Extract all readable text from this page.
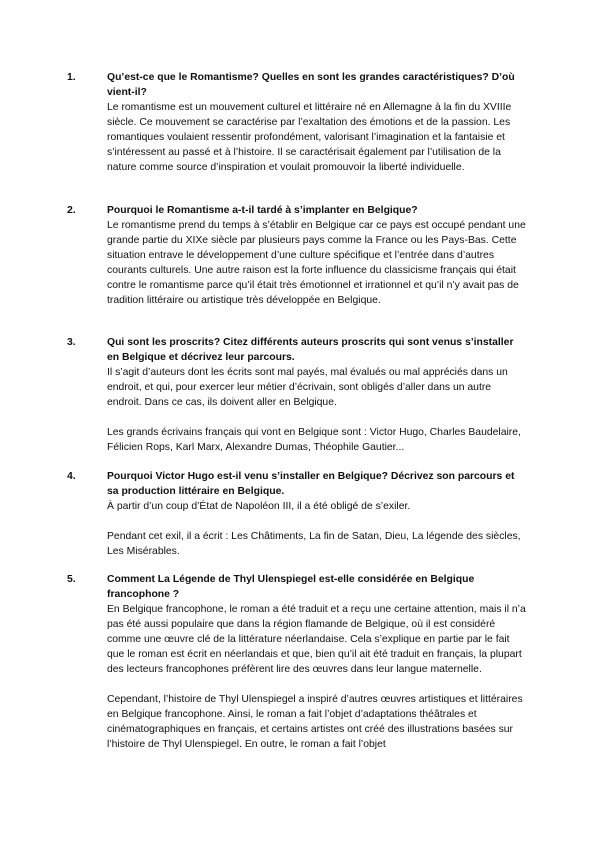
1.	Qu’est-ce que le Romantisme? Quelles en sont les grandes caractéristiques? D’où vient-il?
Le romantisme est un mouvement culturel et littéraire né en Allemagne à la fin du XVIIIe siècle. Ce mouvement se caractérise par l’exaltation des émotions et de la passion. Les romantiques voulaient ressentir profondément, valorisant l’imagination et la fantaisie et s’intéressent au passé et à l’histoire. Il se caractérisait également par l’utilisation de la nature comme source d’inspiration et voulait promouvoir la liberté individuelle.
2.	Pourquoi le Romantisme a-t-il tardé à s’implanter en Belgique?
Le romantisme prend du temps à s’établir en Belgique car ce pays est occupé pendant une grande partie du XIXe siècle par plusieurs pays comme la France ou les Pays-Bas. Cette situation entrave le développement d’une culture spécifique et l’entrée dans d’autres courants culturels. Une autre raison est la forte influence du classicisme français qui était contre le romantisme parce qu’il était très émotionnel et irrationnel et qu’il n’y avait pas de tradition littéraire ou artistique très développée en Belgique.
3.	Qui sont les proscrits? Citez différents auteurs proscrits qui sont venus s’installer en Belgique et décrivez leur parcours.
Il s’agit d’auteurs dont les écrits sont mal payés, mal évalués ou mal appréciés dans un endroit, et qui, pour exercer leur métier d’écrivain, sont obligés d’aller dans un autre endroit. Dans ce cas, ils doivent aller en Belgique.
Les grands écrivains français qui vont en Belgique sont : Victor Hugo, Charles Baudelaire, Félicien Rops, Karl Marx, Alexandre Dumas, Théophile Gautier...
4.	Pourquoi Victor Hugo est-il venu s’installer en Belgique? Décrivez son parcours et sa production littéraire en Belgique.
À partir d’un coup d’État de Napoléon III, il a été obligé de s’exiler.
Pendant cet exil, il a écrit : Les Châtiments, La fin de Satan, Dieu, La légende des siècles, Les Misérables.
5.	Comment La Légende de Thyl Ulenspiegel est-elle considérée en Belgique francophone ?
En Belgique francophone, le roman a été traduit et a reçu une certaine attention, mais il n’a pas été aussi populaire que dans la région flamande de Belgique, où il est considéré comme une œuvre clé de la littérature néerlandaise. Cela s’explique en partie par le fait que le roman est écrit en néerlandais et que, bien qu’il ait été traduit en français, la plupart des lecteurs francophones préfèrent lire des œuvres dans leur langue maternelle.
Cependant, l’histoire de Thyl Ulenspiegel a inspiré d’autres œuvres artistiques et littéraires en Belgique francophone. Ainsi, le roman a fait l’objet d’adaptations théâtrales et cinématographiques en français, et certains artistes ont créé des illustrations basées sur l’histoire de Thyl Ulenspiegel. En outre, le roman a fait l’objet
